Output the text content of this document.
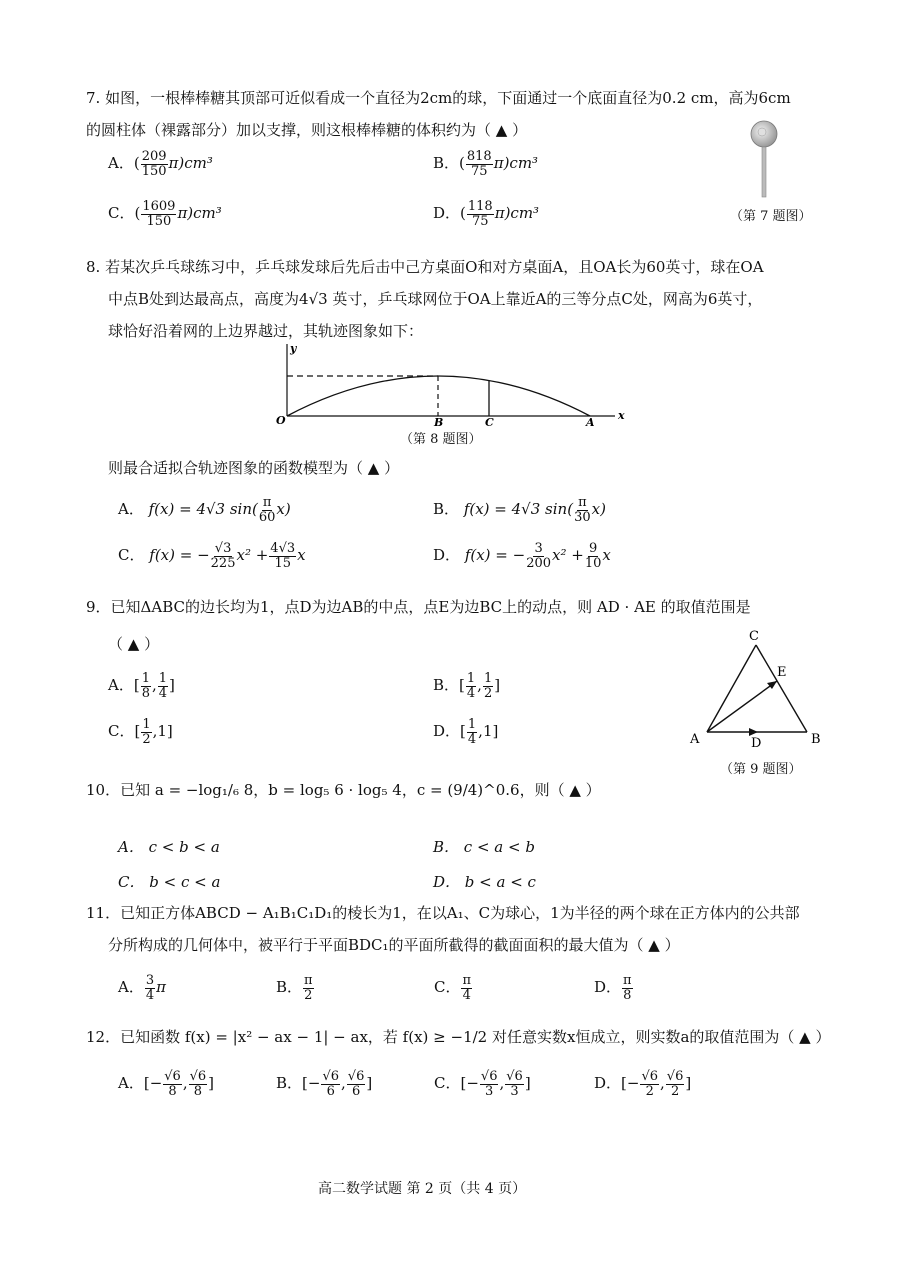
7. 如图，一根棒棒糖其顶部可近似看成一个直径为2cm的球，下面通过一个底面直径为0.2 cm，高为6cm
的圆柱体（裸露部分）加以支撑，则这根棒棒糖的体积约为（ ▲ ）
A．( $\frac{209}{150} \pi)cm^3$	B．( $\frac{818}{75} \pi)cm^3$
C．( $\frac{1609}{150} \pi)cm^3$	D．( $\frac{118}{75} \pi)cm^3$	（第 7 题图）
8. 若某次乒乓球练习中，乒乓球发球后先后击中己方桌面O和对方桌面A，且OA长为60英寸，球在OA
中点B处到达最高点，高度为4√3 英寸，乒乓球网位于OA上靠近A的三等分点C处，网高为6英寸，
球恰好沿着网的上边界越过，其轨迹图象如下：
y
x
O	B	C	A
（第 8 题图）
则最合适拟合轨迹图象的函数模型为（ ▲ ）
A． f(x) = 4√3 $\sin( \frac{\pi}{60} x)$	B． f(x) = 4√3 $\sin( \frac{\pi}{30} x)$
C． f(x) = − $\frac{√3}{225} x^2 + \frac{4√3}{15}$ x	D． f(x) = − $\frac{3}{200} x^2 + \frac{9}{10}$ x
9．已知ΔABC的边长均为1，点D为边AB的中点，点E为边BC上的动点，则 AD · AE 的取值范围是
（ ▲ ）
A．[ $\frac{1}{8}$ , $\frac{1}{4}$ ]	B．[ $\frac{1}{4}$ , $\frac{1}{2}$ ]
C．[ $\frac{1}{2} ,1$]	D．[ $\frac{1}{4} ,1$]
C
E
A	D	B
（第 9 题图）
10．已知 a = −log₁/₆ 8，b = log₅ 6 · log₅ 4，c = (9/4)^0.6，则（ ▲ ）
A． c < b < a	B． c < a < b
C． b < c < a	D． b < a < c
11．已知正方体ABCD − A₁B₁C₁D₁的棱长为1，在以A₁、C为球心，1为半径的两个球在正方体内的公共部
分所构成的几何体中，被平行于平面BDC₁的平面所截得的截面面积的最大值为（ ▲ ）
A． $\frac{3}{4}$ π	B． $\frac{\pi}{2}$	C． $\frac{\pi}{4}$	D． $\frac{\pi}{8}$
12．已知函数 f(x) = |x² − ax − 1| − ax，若 f(x) ≥ −1/2 对任意实数x恒成立，则实数a的取值范围为（ ▲ ）
A．[− $\frac{√6}{8}$ , $\frac{√6}{8}$ ]	B．[− $\frac{√6}{6}$ , $\frac{√6}{6}$ ]	C．[− $\frac{√6}{3}$ , $\frac{√6}{3}$ ]	D．[− $\frac{√6}{2}$ , $\frac{√6}{2}$ ]
高二数学试题 第 2 页（共 4 页）
